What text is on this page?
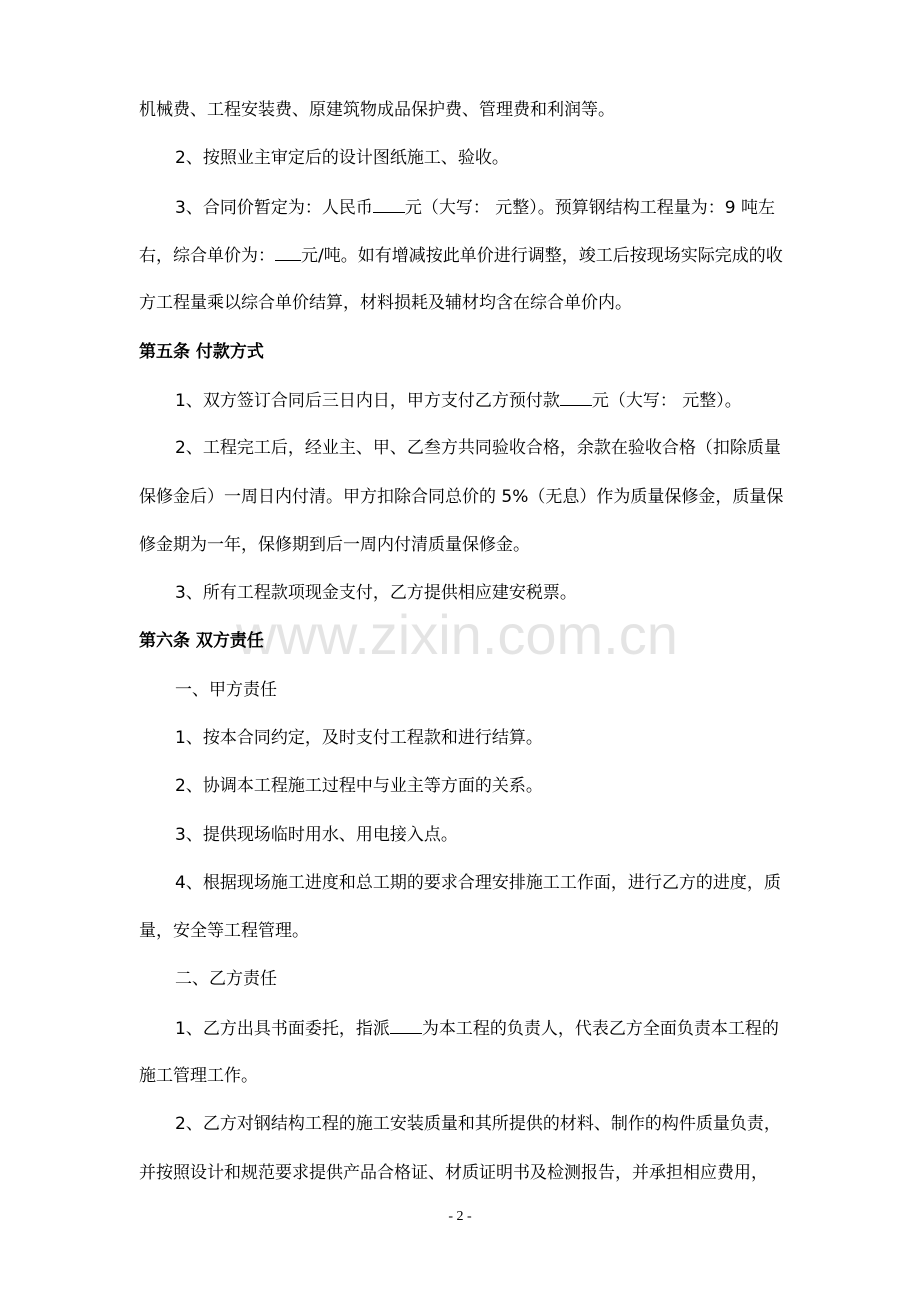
机械费、工程安装费、原建筑物成品保护费、管理费和利润等。
2、按照业主审定后的设计图纸施工、验收。
3、合同价暂定为：人民币 元（大写： 元整）。预算钢结构工程量为：9 吨左
右，综合单价为： 元/吨。如有增减按此单价进行调整，竣工后按现场实际完成的收
方工程量乘以综合单价结算，材料损耗及辅材均含在综合单价内。
第五条 付款方式
1、双方签订合同后三日内日，甲方支付乙方预付款 元（大写： 元整）。
2、工程完工后，经业主、甲、乙叁方共同验收合格，余款在验收合格（扣除质量
保修金后）一周日内付清。甲方扣除合同总价的 5%（无息）作为质量保修金，质量保
修金期为一年，保修期到后一周内付清质量保修金。
3、所有工程款项现金支付，乙方提供相应建安税票。
第六条 双方责任
一、甲方责任
1、按本合同约定，及时支付工程款和进行结算。
2、协调本工程施工过程中与业主等方面的关系。
3、提供现场临时用水、用电接入点。
4、根据现场施工进度和总工期的要求合理安排施工工作面，进行乙方的进度，质
量，安全等工程管理。
二、乙方责任
1、乙方出具书面委托，指派 为本工程的负责人，代表乙方全面负责本工程的
施工管理工作。
2、乙方对钢结构工程的施工安装质量和其所提供的材料、制作的构件质量负责，
并按照设计和规范要求提供产品合格证、材质证明书及检测报告，并承担相应费用，
www.zixin.com.cn
- 2 -
